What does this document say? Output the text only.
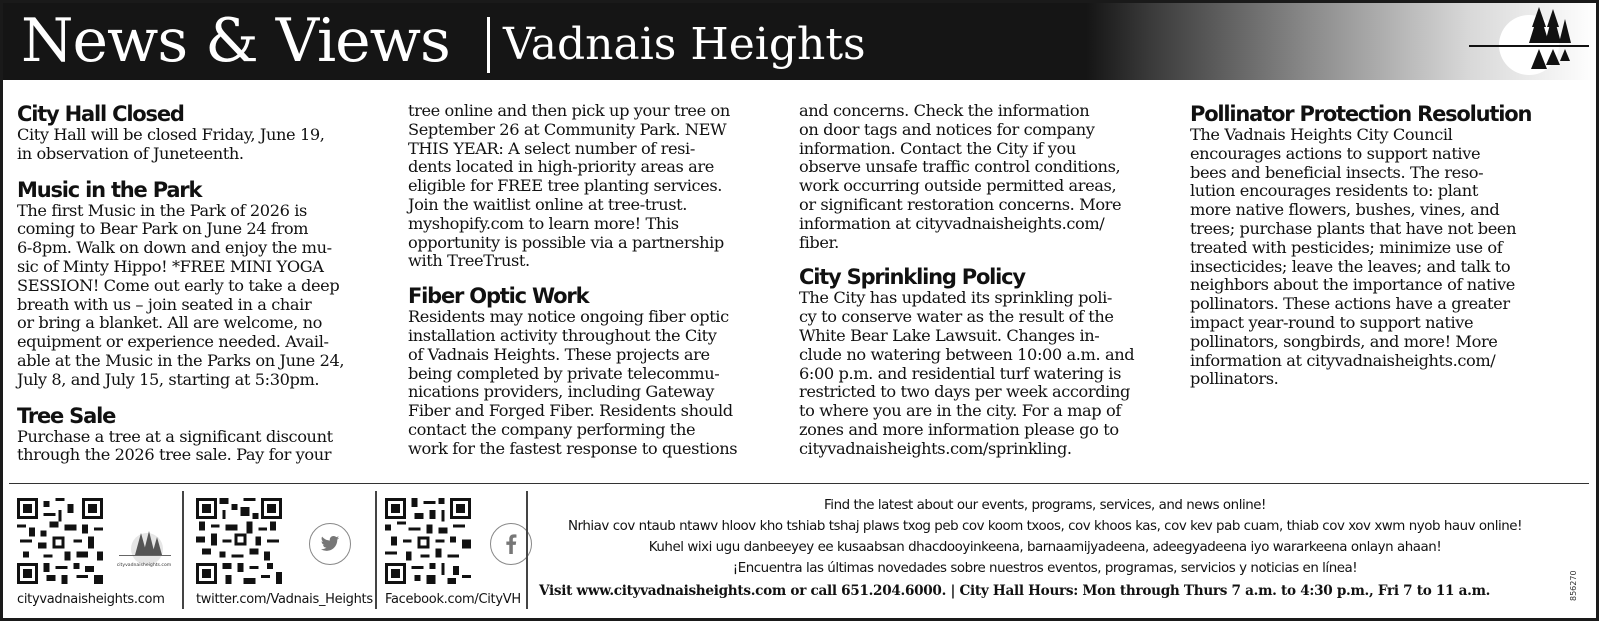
News & Views Vadnais Heights
City Hall Closed
City Hall will be closed Friday, June 19,
in observation of Juneteenth.
Music in the Park
The first Music in the Park of 2026 is
coming to Bear Park on June 24 from
6-8pm. Walk on down and enjoy the mu-
sic of Minty Hippo! *FREE MINI YOGA
SESSION! Come out early to take a deep
breath with us – join seated in a chair
or bring a blanket. All are welcome, no
equipment or experience needed. Avail-
able at the Music in the Parks on June 24,
July 8, and July 15, starting at 5:30pm.
Tree Sale
Purchase a tree at a significant discount
through the 2026 tree sale. Pay for your
tree online and then pick up your tree on
September 26 at Community Park. NEW
THIS YEAR: A select number of resi-
dents located in high-priority areas are
eligible for FREE tree planting services.
Join the waitlist online at tree-trust.
myshopify.com to learn more! This
opportunity is possible via a partnership
with TreeTrust.
Fiber Optic Work
Residents may notice ongoing fiber optic
installation activity throughout the City
of Vadnais Heights. These projects are
being completed by private telecommu-
nications providers, including Gateway
Fiber and Forged Fiber. Residents should
contact the company performing the
work for the fastest response to questions
and concerns. Check the information
on door tags and notices for company
information. Contact the City if you
observe unsafe traffic control conditions,
work occurring outside permitted areas,
or significant restoration concerns. More
information at cityvadnaisheights.com/
fiber.
City Sprinkling Policy
The City has updated its sprinkling poli-
cy to conserve water as the result of the
White Bear Lake Lawsuit. Changes in-
clude no watering between 10:00 a.m. and
6:00 p.m. and residential turf watering is
restricted to two days per week according
to where you are in the city. For a map of
zones and more information please go to
cityvadnaisheights.com/sprinkling.
Pollinator Protection Resolution
The Vadnais Heights City Council
encourages actions to support native
bees and beneficial insects. The reso-
lution encourages residents to: plant
more native flowers, bushes, vines, and
trees; purchase plants that have not been
treated with pesticides; minimize use of
insecticides; leave the leaves; and talk to
neighbors about the importance of native
pollinators. These actions have a greater
impact year-round to support native
pollinators, songbirds, and more! More
information at cityvadnaisheights.com/
pollinators.
cityvadnaisheights.com
cityvadnaisheights.com twitter.com/Vadnais_Heights Facebook.com/CityVH
Find the latest about our events, programs, services, and news online!
Nrhiav cov ntaub ntawv hloov kho tshiab tshaj plaws txog peb cov koom txoos, cov khoos kas, cov kev pab cuam, thiab cov xov xwm nyob hauv online!
Kuhel wixi ugu danbeeyey ee kusaabsan dhacdooyinkeena, barnaamijyadeena, adeegyadeena iyo wararkeena onlayn ahaan!
¡Encuentra las últimas novedades sobre nuestros eventos, programas, servicios y noticias en línea!
Visit www.cityvadnaisheights.com or call 651.204.6000. | City Hall Hours: Mon through Thurs 7 a.m. to 4:30 p.m., Fri 7 to 11 a.m.	856270
